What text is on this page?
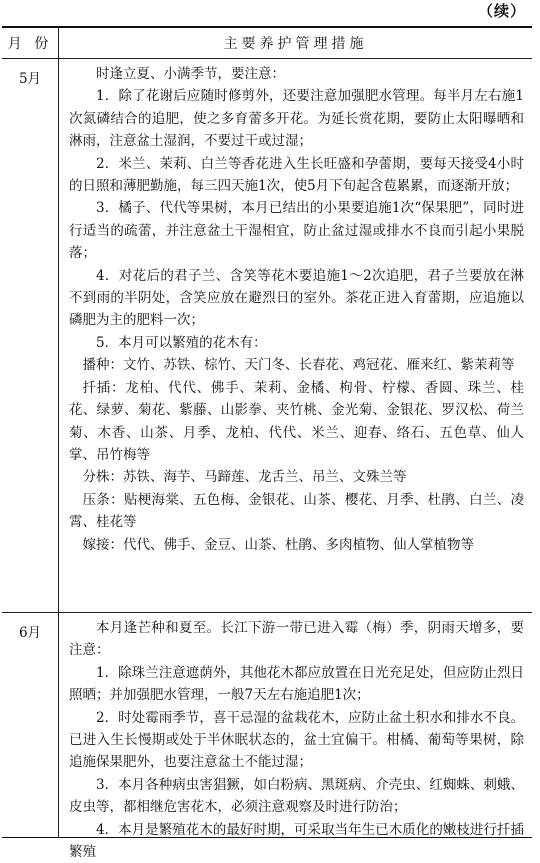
（续）
月 份	主要养护管理措施
5月	时逢立夏、小满季节，要注意：

1．除了花谢后应随时修剪外，还要注意加强肥水管理。每半月左右施1次氮磷结合的追肥，使之多育蕾多开花。为延长赏花期，要防止太阳曝晒和淋雨，注意盆土湿润，不要过干或过湿；

2．米兰、茉莉、白兰等香花进入生长旺盛和孕蕾期，要每天接受4小时的日照和薄肥勤施，每三四天施1次，使5月下旬起含苞累累，而逐渐开放；

3．橘子、代代等果树，本月已结出的小果要追施1次“保果肥”，同时进行适当的疏蕾，并注意盆土干湿相宜，防止盆过湿或排水不良而引起小果脱落；

4．对花后的君子兰、含笑等花木要追施1～2次追肥，君子兰要放在淋不到雨的半阴处，含笑应放在避烈日的室外。茶花正进入育蕾期，应追施以磷肥为主的肥料一次；

5．本月可以繁殖的花木有：

播种：文竹、苏铁、棕竹、天门冬、长春花、鸡冠花、雁来红、紫茉莉等

扦插：龙柏、代代、佛手、茉莉、金橘、枸骨、柠檬、香圆、珠兰、桂花、绿萝、菊花、紫藤、山影拳、夹竹桃、金光菊、金银花、罗汉松、荷兰菊、木香、山茶、月季、龙柏、代代、米兰、迎春、络石、五色草、仙人掌、吊竹梅等

分株：苏铁、海芋、马蹄莲、龙舌兰、吊兰、文殊兰等

压条：贴梗海棠、五色梅、金银花、山茶、樱花、月季、杜鹃、白兰、凌霄、桂花等

嫁接：代代、佛手、金豆、山茶、杜鹃、多肉植物、仙人掌植物等

6月	本月逢芒种和夏至。长江下游一带已进入霉（梅）季，阴雨天增多，要注意：

1．除珠兰注意遮荫外，其他花木都应放置在日光充足处，但应防止烈日照晒；并加强肥水管理，一般7天左右施追肥1次；

2．时处霉雨季节，喜干忌湿的盆栽花木，应防止盆土积水和排水不良。已进入生长慢期或处于半休眠状态的，盆土宜偏干。柑橘、葡萄等果树，除追施保果肥外，也要注意盆土不能过湿；

3．本月各种病虫害猖獗，如白粉病、黑斑病、介壳虫、红蜘蛛、刺蛾、皮虫等，都相继危害花木，必须注意观察及时进行防治；

4．本月是繁殖花木的最好时期，可采取当年生已木质化的嫩枝进行扦插繁殖
